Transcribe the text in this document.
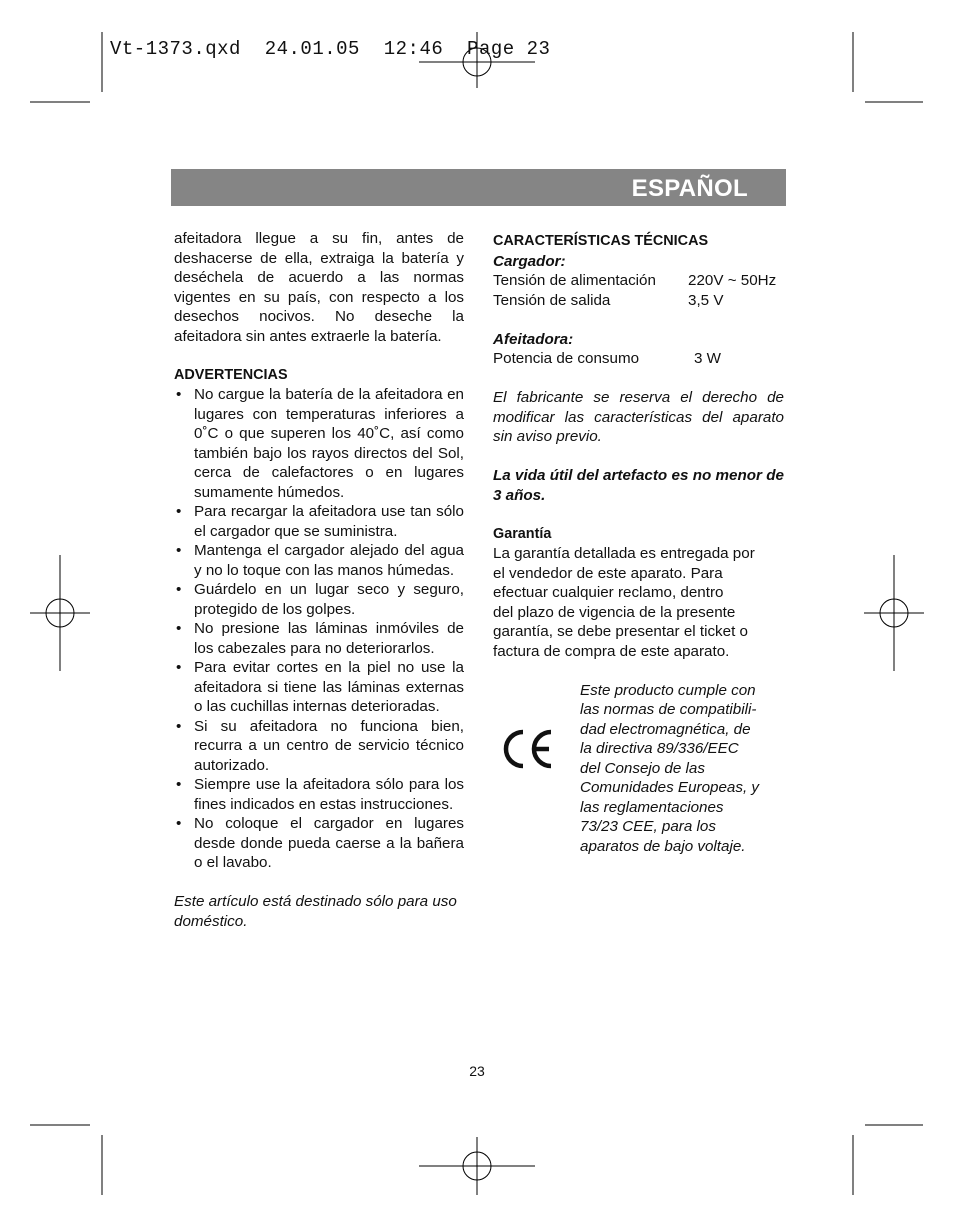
Vt-1373.qxd  24.01.05  12:46  Page 23
ESPAÑOL

afeitadora llegue a su fin, antes de deshacerse de ella, extraiga la batería y deséchela de acuerdo a las normas vigentes en su país, con respecto a los desechos nocivos. No deseche la afeitadora sin antes extraerle la batería.

ADVERTENCIAS

• No cargue la batería de la afeitadora en lugares con temperaturas inferiores a 0˚C o que superen los 40˚C, así como también bajo los rayos directos del Sol, cerca de calefactores o en lugares sumamente húmedos.
• Para recargar la afeitadora use tan sólo el cargador que se suministra.
• Mantenga el cargador alejado del agua y no lo toque con las manos húmedas.
• Guárdelo en un lugar seco y seguro, protegido de los golpes.
• No presione las láminas inmóviles de los cabezales para no deteriorarlos.
• Para evitar cortes en la piel no use la afeitadora si tiene las láminas externas o las cuchillas internas deterioradas.
• Si su afeitadora no funciona bien, recurra a un centro de servicio técnico autorizado.
• Siempre use la afeitadora sólo para los fines indicados en estas instrucciones.
• No coloque el cargador en lugares desde donde pueda caerse a la bañera o el lavabo.

Este artículo está destinado sólo para uso doméstico.

CARACTERÍSTICAS TÉCNICAS

Cargador:

Tensión de alimentación	220V ~ 50Hz
Tensión de salida	3,5 V

Afeitadora:

Potencia de consumo	3 W

El fabricante se reserva el derecho de modificar las características del aparato sin aviso previo.

La vida útil del artefacto es no menor de 3 años.

Garantía

La garantía detallada es entregada por

el vendedor de este aparato. Para

efectuar cualquier reclamo, dentro

del plazo de vigencia de la presente

garantía, se debe presentar el ticket o

factura de compra de este aparato.

Este producto cumple con

las normas de compatibili-

dad electromagnética, de

la directiva 89/336/EEC

del Consejo de las

Comunidades Europeas, y

las reglamentaciones

73/23 CEE, para los

aparatos de bajo voltaje.

23
